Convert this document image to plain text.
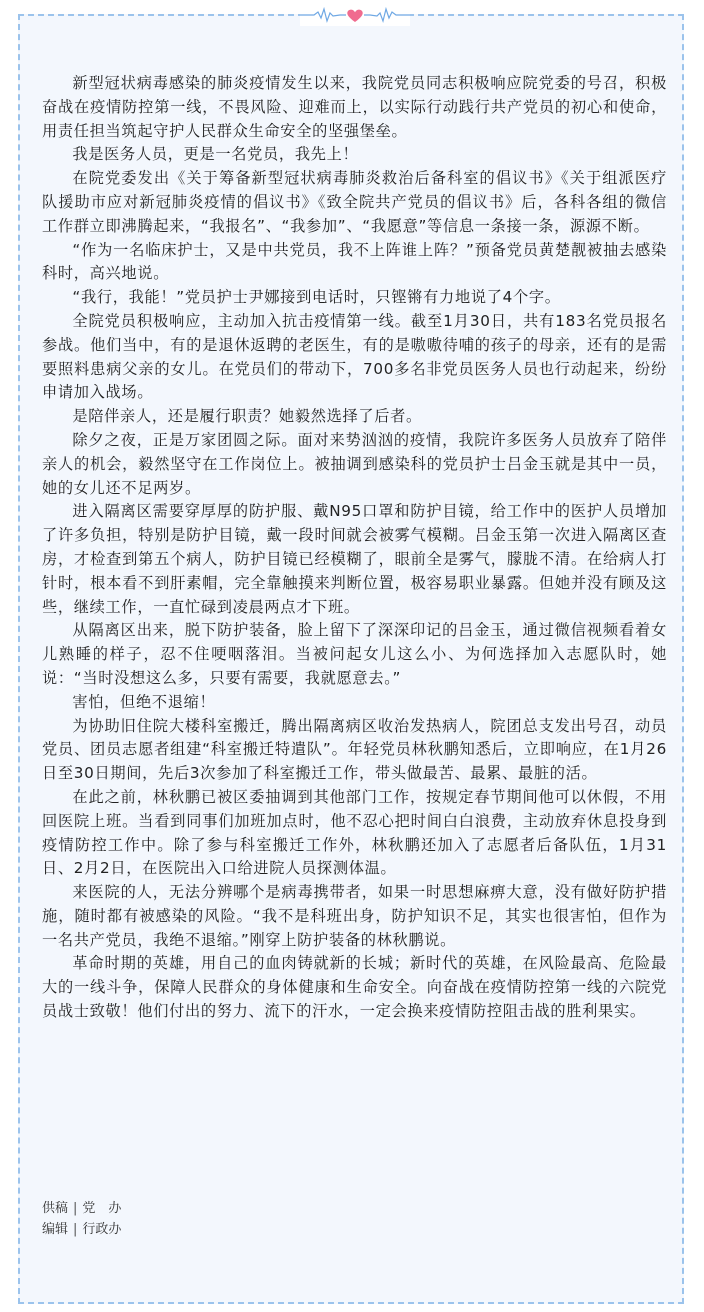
新型冠状病毒感染的肺炎疫情发生以来，我院党员同志积极响应院党委的号召，积极奋战在疫情防控第一线，不畏风险、迎难而上，以实际行动践行共产党员的初心和使命，用责任担当筑起守护人民群众生命安全的坚强堡垒。

我是医务人员，更是一名党员，我先上！

在院党委发出《关于筹备新型冠状病毒肺炎救治后备科室的倡议书》《关于组派医疗队援助市应对新冠肺炎疫情的倡议书》《致全院共产党员的倡议书》后，各科各组的微信工作群立即沸腾起来，“我报名”、“我参加”、“我愿意”等信息一条接一条，源源不断。

“作为一名临床护士，又是中共党员，我不上阵谁上阵？”预备党员黄楚靓被抽去感染科时，高兴地说。

“我行，我能！”党员护士尹娜接到电话时，只铿锵有力地说了4个字。

全院党员积极响应，主动加入抗击疫情第一线。截至1月30日，共有183名党员报名参战。他们当中，有的是退休返聘的老医生，有的是嗷嗷待哺的孩子的母亲，还有的是需要照料患病父亲的女儿。在党员们的带动下，700多名非党员医务人员也行动起来，纷纷申请加入战场。

是陪伴亲人，还是履行职责？她毅然选择了后者。

除夕之夜，正是万家团圆之际。面对来势汹汹的疫情，我院许多医务人员放弃了陪伴亲人的机会，毅然坚守在工作岗位上。被抽调到感染科的党员护士吕金玉就是其中一员，她的女儿还不足两岁。

进入隔离区需要穿厚厚的防护服、戴N95口罩和防护目镜，给工作中的医护人员增加了许多负担，特别是防护目镜，戴一段时间就会被雾气模糊。吕金玉第一次进入隔离区查房，才检查到第五个病人，防护目镜已经模糊了，眼前全是雾气，朦胧不清。在给病人打针时，根本看不到肝素帽，完全靠触摸来判断位置，极容易职业暴露。但她并没有顾及这些，继续工作，一直忙碌到凌晨两点才下班。

从隔离区出来，脱下防护装备，脸上留下了深深印记的吕金玉，通过微信视频看着女儿熟睡的样子，忍不住哽咽落泪。当被问起女儿这么小、为何选择加入志愿队时，她说：“当时没想这么多，只要有需要，我就愿意去。”

害怕，但绝不退缩！

为协助旧住院大楼科室搬迁，腾出隔离病区收治发热病人，院团总支发出号召，动员党员、团员志愿者组建“科室搬迁特遣队”。年轻党员林秋鹏知悉后，立即响应，在1月26日至30日期间，先后3次参加了科室搬迁工作，带头做最苦、最累、最脏的活。

在此之前，林秋鹏已被区委抽调到其他部门工作，按规定春节期间他可以休假，不用回医院上班。当看到同事们加班加点时，他不忍心把时间白白浪费，主动放弃休息投身到疫情防控工作中。除了参与科室搬迁工作外，林秋鹏还加入了志愿者后备队伍，1月31日、2月2日，在医院出入口给进院人员探测体温。

来医院的人，无法分辨哪个是病毒携带者，如果一时思想麻痹大意，没有做好防护措施，随时都有被感染的风险。“我不是科班出身，防护知识不足，其实也很害怕，但作为一名共产党员，我绝不退缩。”刚穿上防护装备的林秋鹏说。

革命时期的英雄，用自己的血肉铸就新的长城；新时代的英雄，在风险最高、危险最大的一线斗争，保障人民群众的身体健康和生命安全。向奋战在疫情防控第一线的六院党员战士致敬！他们付出的努力、流下的汗水，一定会换来疫情防控阻击战的胜利果实。

供稿 | 党　办
编辑 | 行政办
